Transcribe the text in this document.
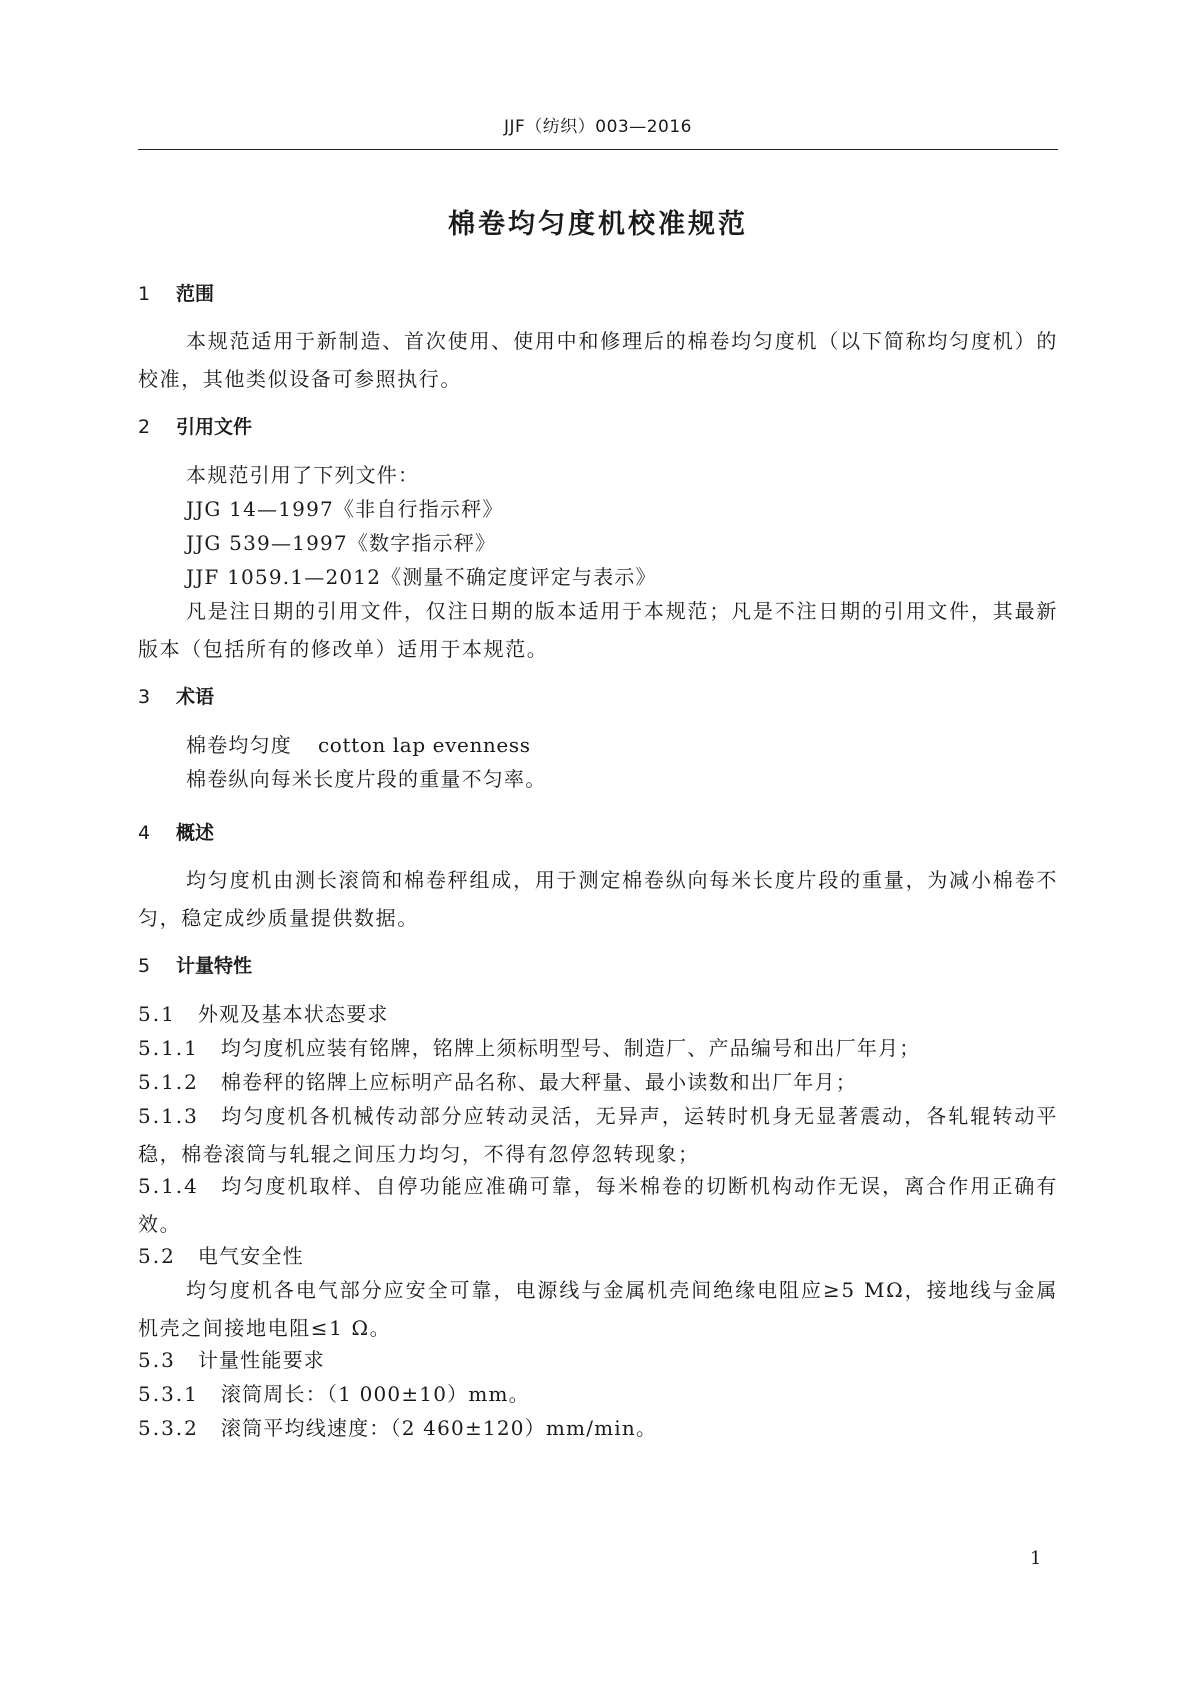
JJF（纺织）003—2016
棉卷均匀度机校准规范
1 范围
本规范适用于新制造、首次使用、使用中和修理后的棉卷均匀度机（以下简称均匀度机）的校准，其他类似设备可参照执行。
2 引用文件
本规范引用了下列文件：
JJG 14—1997《非自行指示秤》
JJG 539—1997《数字指示秤》
JJF 1059.1—2012《测量不确定度评定与表示》
凡是注日期的引用文件，仅注日期的版本适用于本规范；凡是不注日期的引用文件，其最新版本（包括所有的修改单）适用于本规范。
3 术语
棉卷均匀度 cotton lap evenness
棉卷纵向每米长度片段的重量不匀率。
4 概述
均匀度机由测长滚筒和棉卷秤组成，用于测定棉卷纵向每米长度片段的重量，为减小棉卷不匀，稳定成纱质量提供数据。
5 计量特性
5.1 外观及基本状态要求
5.1.1 均匀度机应装有铭牌，铭牌上须标明型号、制造厂、产品编号和出厂年月；
5.1.2 棉卷秤的铭牌上应标明产品名称、最大秤量、最小读数和出厂年月；
5.1.3 均匀度机各机械传动部分应转动灵活，无异声，运转时机身无显著震动，各轧辊转动平稳，棉卷滚筒与轧辊之间压力均匀，不得有忽停忽转现象；
5.1.4 均匀度机取样、自停功能应准确可靠，每米棉卷的切断机构动作无误，离合作用正确有效。
5.2 电气安全性
均匀度机各电气部分应安全可靠，电源线与金属机壳间绝缘电阻应≥5 MΩ，接地线与金属机壳之间接地电阻≤1 Ω。
5.3 计量性能要求
5.3.1 滚筒周长：（1 000±10）mm。
5.3.2 滚筒平均线速度：（2 460±120）mm/min。
1
